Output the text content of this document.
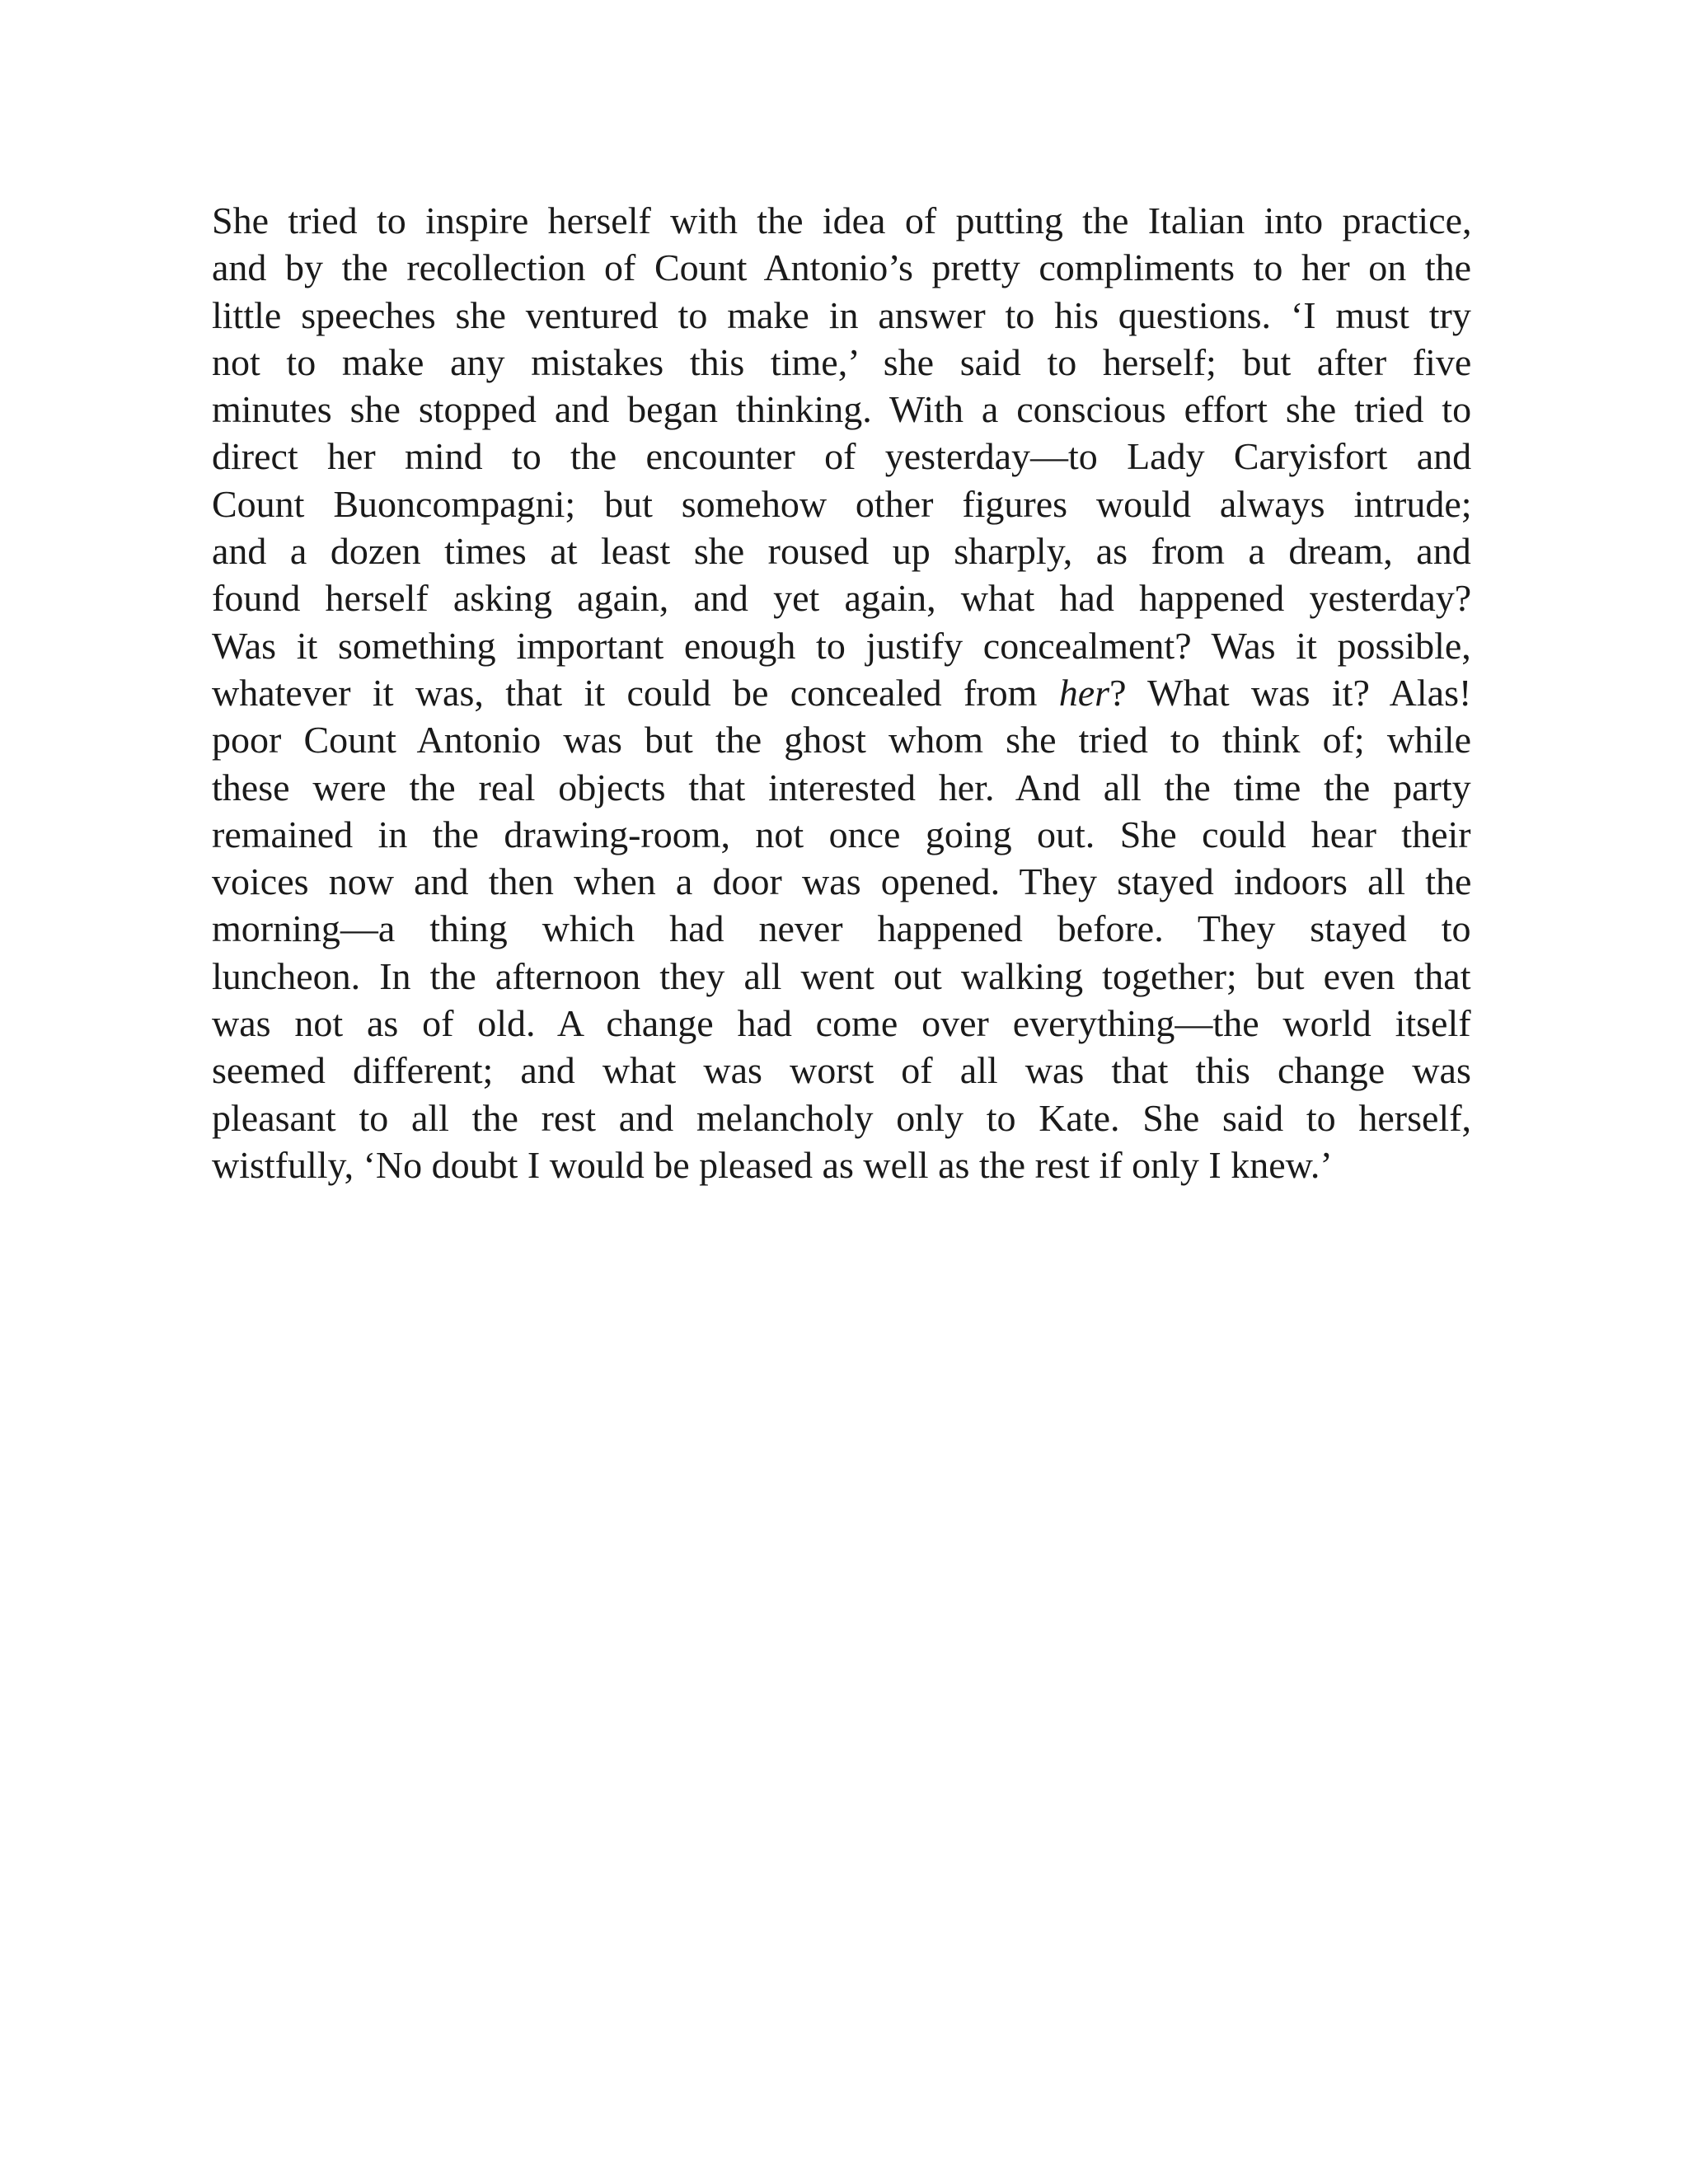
She tried to inspire herself with the idea of putting the Italian into practice,
and by the recollection of Count Antonio’s pretty compliments to her on the
little speeches she ventured to make in answer to his questions. ‘I must try
not to make any mistakes this time,’ she said to herself; but after five
minutes she stopped and began thinking. With a conscious effort she tried to
direct her mind to the encounter of yesterday—to Lady Caryisfort and
Count Buoncompagni; but somehow other figures would always intrude;
and a dozen times at least she roused up sharply, as from a dream, and
found herself asking again, and yet again, what had happened yesterday?
Was it something important enough to justify concealment? Was it possible,
whatever it was, that it could be concealed from her? What was it? Alas!
poor Count Antonio was but the ghost whom she tried to think of; while
these were the real objects that interested her. And all the time the party
remained in the drawing-room, not once going out. She could hear their
voices now and then when a door was opened. They stayed indoors all the
morning—a thing which had never happened before. They stayed to
luncheon. In the afternoon they all went out walking together; but even that
was not as of old. A change had come over everything—the world itself
seemed different; and what was worst of all was that this change was
pleasant to all the rest and melancholy only to Kate. She said to herself,
wistfully, ‘No doubt I would be pleased as well as the rest if only I knew.’
